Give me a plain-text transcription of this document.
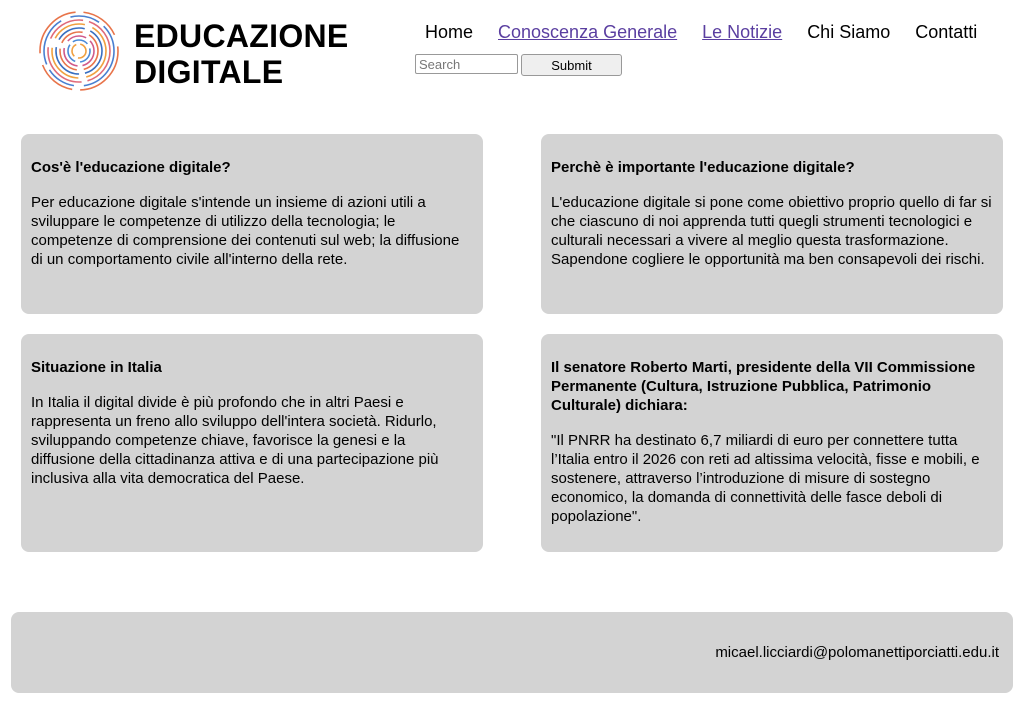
EDUCAZIONE
DIGITALE
Home Conoscenza Generale Le Notizie Chi Siamo Contatti
Search
Submit
Cos'è l'educazione digitale?

Per educazione digitale s'intende un insieme di azioni utili a sviluppare le competenze di utilizzo della tecnologia; le competenze di comprensione dei contenuti sul web; la diffusione di un comportamento civile all'interno della rete.

Perchè è importante l'educazione digitale?

L'educazione digitale si pone come obiettivo proprio quello di far si che ciascuno di noi apprenda tutti quegli strumenti tecnologici e culturali necessari a vivere al meglio questa trasformazione. Sapendone cogliere le opportunità ma ben consapevoli dei rischi.

Situazione in Italia

In Italia il digital divide è più profondo che in altri Paesi e rappresenta un freno allo sviluppo dell'intera società. Ridurlo, sviluppando competenze chiave, favorisce la genesi e la diffusione della cittadinanza attiva e di una partecipazione più inclusiva alla vita democratica del Paese.

Il senatore Roberto Marti, presidente della VII Commissione Permanente (Cultura, Istruzione Pubblica, Patrimonio Culturale) dichiara:

"Il PNRR ha destinato 6,7 miliardi di euro per connettere tutta l’Italia entro il 2026 con reti ad altissima velocità, fisse e mobili, e sostenere, attraverso l’introduzione di misure di sostegno economico, la domanda di connettività delle fasce deboli di popolazione".

micael.licciardi@polomanettiporciatti.edu.it
